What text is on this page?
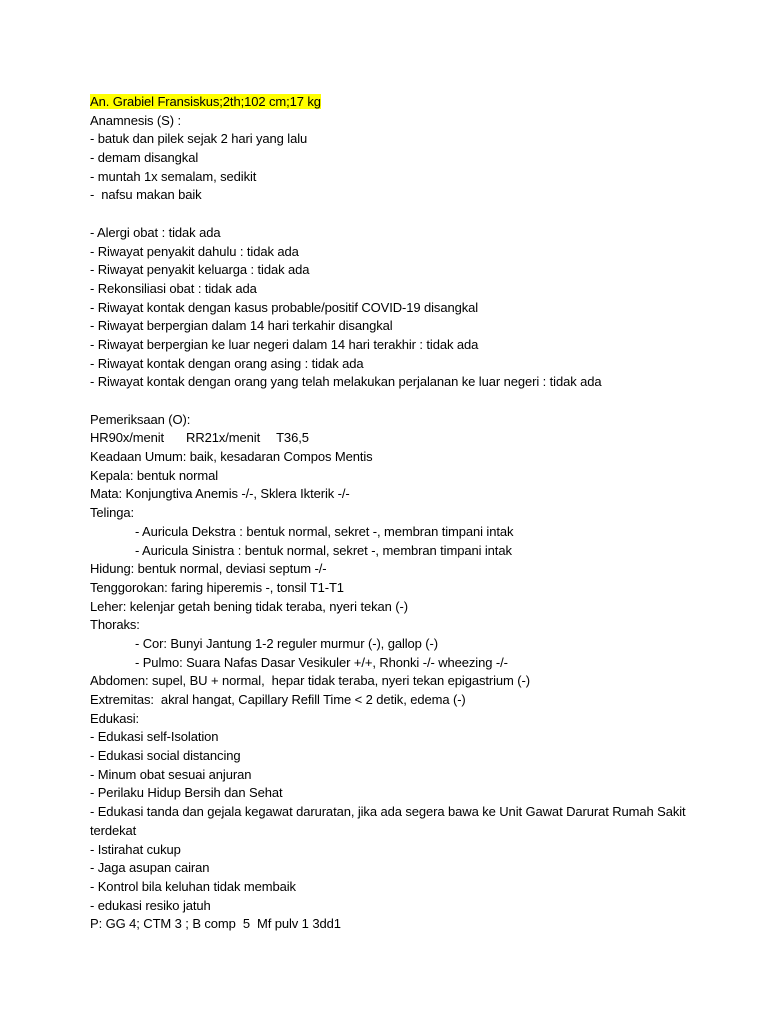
An. Grabiel Fransiskus;2th;102 cm;17 kg
Anamnesis (S) :
- batuk dan pilek sejak 2 hari yang lalu
- demam disangkal
- muntah 1x semalam, sedikit
-  nafsu makan baik
- Alergi obat : tidak ada
- Riwayat penyakit dahulu : tidak ada
- Riwayat penyakit keluarga : tidak ada
- Rekonsiliasi obat : tidak ada
- Riwayat kontak dengan kasus probable/positif COVID-19 disangkal
- Riwayat berpergian dalam 14 hari terkahir disangkal
- Riwayat berpergian ke luar negeri dalam 14 hari terakhir : tidak ada
- Riwayat kontak dengan orang asing : tidak ada
- Riwayat kontak dengan orang yang telah melakukan perjalanan ke luar negeri : tidak ada
Pemeriksaan (O):
HR90x/menit RR21x/menit T36,5
Keadaan Umum: baik, kesadaran Compos Mentis
Kepala: bentuk normal
Mata: Konjungtiva Anemis -/-, Sklera Ikterik -/-
Telinga:
- Auricula Dekstra : bentuk normal, sekret -, membran timpani intak
- Auricula Sinistra : bentuk normal, sekret -, membran timpani intak
Hidung: bentuk normal, deviasi septum -/-
Tenggorokan: faring hiperemis -, tonsil T1-T1
Leher: kelenjar getah bening tidak teraba, nyeri tekan (-)
Thoraks:
- Cor: Bunyi Jantung 1-2 reguler murmur (-), gallop (-)
- Pulmo: Suara Nafas Dasar Vesikuler +/+, Rhonki -/- wheezing -/-
Abdomen: supel, BU + normal,  hepar tidak teraba, nyeri tekan epigastrium (-)
Extremitas:  akral hangat, Capillary Refill Time < 2 detik, edema (-)
Edukasi:
- Edukasi self-Isolation
- Edukasi social distancing
- Minum obat sesuai anjuran
- Perilaku Hidup Bersih dan Sehat
- Edukasi tanda dan gejala kegawat daruratan, jika ada segera bawa ke Unit Gawat Darurat Rumah Sakit terdekat
- Istirahat cukup
- Jaga asupan cairan
- Kontrol bila keluhan tidak membaik
- edukasi resiko jatuh
P: GG 4; CTM 3 ; B comp  5  Mf pulv 1 3dd1
